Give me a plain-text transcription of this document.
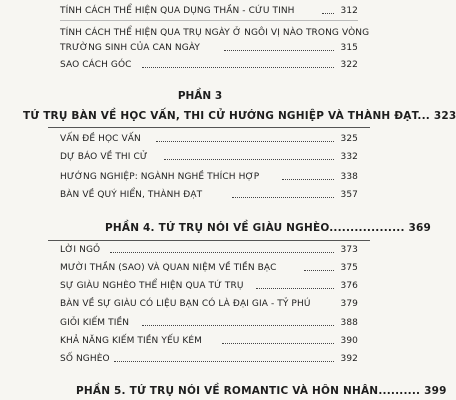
TÍNH CÁCH THỂ HIỆN QUA DỤNG THẦN - CỨU TINH	312
TÍNH CÁCH THỂ HIỆN QUA TRỤ NGÀY Ở NGÔI VỊ NÀO TRONG VÒNG
TRƯỜNG SINH CỦA CAN NGÀY	315
SAO CÁCH GÓC	322
PHẦN 3
TỨ TRỤ BÀN VỀ HỌC VẤN, THI CỬ HƯỚNG NGHIỆP VÀ THÀNH ĐẠT... 323
VẤN ĐỀ HỌC VẤN	325
DỰ BÁO VỀ THI CỬ	332
HƯỚNG NGHIỆP: NGÀNH NGHỀ THÍCH HỢP	338
BÀN VỀ QUÝ HIỂN, THÀNH ĐẠT	357
PHẦN 4. TỨ TRỤ NÓI VỀ GIÀU NGHÈO.................. 369
LỜI NGỎ	373
MƯỜI THẦN (SAO) VÀ QUAN NIỆM VỀ TIỀN BẠC	375
SỰ GIÀU NGHÈO THỂ HIỆN QUA TỨ TRỤ	376
BÀN VỀ SỰ GIÀU CÓ LIỆU BẠN CÓ LÀ ĐẠI GIA - TỶ PHÚ	379
GIỎI KIẾM TIỀN	388
KHẢ NĂNG KIẾM TIỀN YẾU KÉM	390
SỐ NGHÈO	392
PHẦN 5. TỨ TRỤ NÓI VỀ ROMANTIC VÀ HÔN NHÂN.......... 399
